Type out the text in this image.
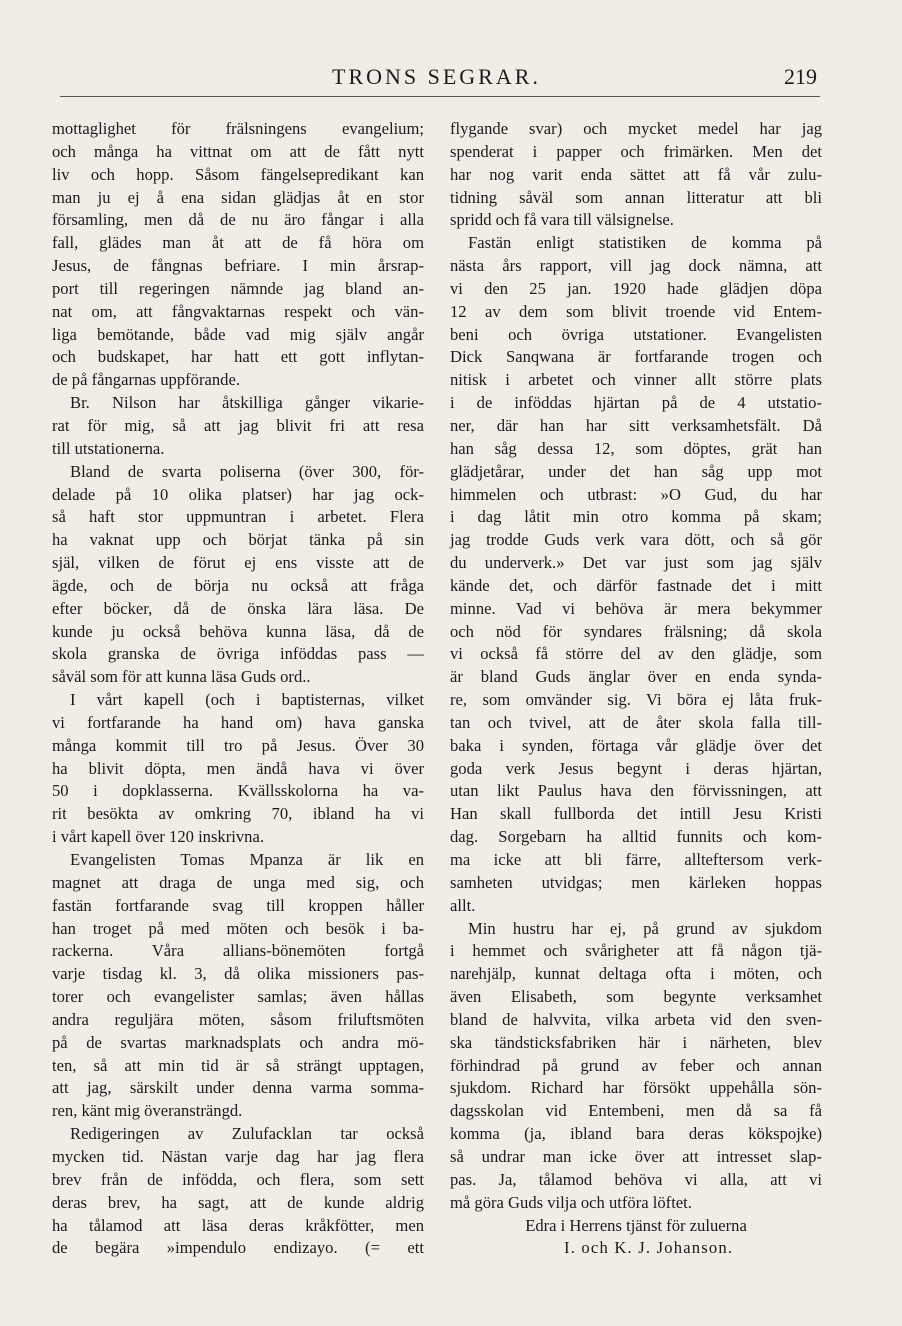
TRONS SEGRAR.	219
mottaglighet för frälsningens evangelium;
och många ha vittnat om att de fått nytt
liv och hopp. Såsom fängelsepredikant kan
man ju ej å ena sidan glädjas åt en stor
församling, men då de nu äro fångar i alla
fall, glädes man åt att de få höra om
Jesus, de fångnas befriare. I min årsrap-
port till regeringen nämnde jag bland an-
nat om, att fångvaktarnas respekt och vän-
liga bemötande, både vad mig själv angår
och budskapet, har hatt ett gott inflytan-
de på fångarnas uppförande.
Br. Nilson har åtskilliga gånger vikarie-
rat för mig, så att jag blivit fri att resa
till utstationerna.
Bland de svarta poliserna (över 300, för-
delade på 10 olika platser) har jag ock-
så haft stor uppmuntran i arbetet. Flera
ha vaknat upp och börjat tänka på sin
själ, vilken de förut ej ens visste att de
ägde, och de börja nu också att fråga
efter böcker, då de önska lära läsa. De
kunde ju också behöva kunna läsa, då de
skola granska de övriga inföddas pass —
såväl som för att kunna läsa Guds ord..
I vårt kapell (och i baptisternas, vilket
vi fortfarande ha hand om) hava ganska
många kommit till tro på Jesus. Över 30
ha blivit döpta, men ändå hava vi över
50 i dopklasserna. Kvällsskolorna ha va-
rit besökta av omkring 70, ibland ha vi
i vårt kapell över 120 inskrivna.
Evangelisten Tomas Mpanza är lik en
magnet att draga de unga med sig, och
fastän fortfarande svag till kroppen håller
han troget på med möten och besök i ba-
rackerna. Våra allians-bönemöten fortgå
varje tisdag kl. 3, då olika missioners pas-
torer och evangelister samlas; även hållas
andra reguljära möten, såsom friluftsmöten
på de svartas marknadsplats och andra mö-
ten, så att min tid är så strängt upptagen,
att jag, särskilt under denna varma somma-
ren, känt mig överansträngd.
Redigeringen av Zulufacklan tar också
mycken tid. Nästan varje dag har jag flera
brev från de infödda, och flera, som sett
deras brev, ha sagt, att de kunde aldrig
ha tålamod att läsa deras kråkfötter, men
de begära »impendulo endizayo. (= ett
flygande svar) och mycket medel har jag
spenderat i papper och frimärken. Men det
har nog varit enda sättet att få vår zulu-
tidning såväl som annan litteratur att bli
spridd och få vara till välsignelse.
Fastän enligt statistiken de komma på
nästa års rapport, vill jag dock nämna, att
vi den 25 jan. 1920 hade glädjen döpa
12 av dem som blivit troende vid Entem-
beni och övriga utstationer. Evangelisten
Dick Sanqwana är fortfarande trogen och
nitisk i arbetet och vinner allt större plats
i de inföddas hjärtan på de 4 utstatio-
ner, där han har sitt verksamhetsfält. Då
han såg dessa 12, som döptes, grät han
glädjetårar, under det han såg upp mot
himmelen och utbrast: »O Gud, du har
i dag låtit min otro komma på skam;
jag trodde Guds verk vara dött, och så gör
du underverk.» Det var just som jag själv
kände det, och därför fastnade det i mitt
minne. Vad vi behöva är mera bekymmer
och nöd för syndares frälsning; då skola
vi också få större del av den glädje, som
är bland Guds änglar över en enda synda-
re, som omvänder sig. Vi böra ej låta fruk-
tan och tvivel, att de åter skola falla till-
baka i synden, förtaga vår glädje över det
goda verk Jesus begynt i deras hjärtan,
utan likt Paulus hava den förvissningen, att
Han skall fullborda det intill Jesu Kristi
dag. Sorgebarn ha alltid funnits och kom-
ma icke att bli färre, allteftersom verk-
samheten utvidgas; men kärleken hoppas
allt.
Min hustru har ej, på grund av sjukdom
i hemmet och svårigheter att få någon tjä-
narehjälp, kunnat deltaga ofta i möten, och
även Elisabeth, som begynte verksamhet
bland de halvvita, vilka arbeta vid den sven-
ska tändsticksfabriken här i närheten, blev
förhindrad på grund av feber och annan
sjukdom. Richard har försökt uppehålla sön-
dagsskolan vid Entembeni, men då sa få
komma (ja, ibland bara deras kökspojke)
så undrar man icke över att intresset slap-
pas. Ja, tålamod behöva vi alla, att vi
må göra Guds vilja och utföra löftet.
Edra i Herrens tjänst för zuluerna
I. och K. J. Johanson.
